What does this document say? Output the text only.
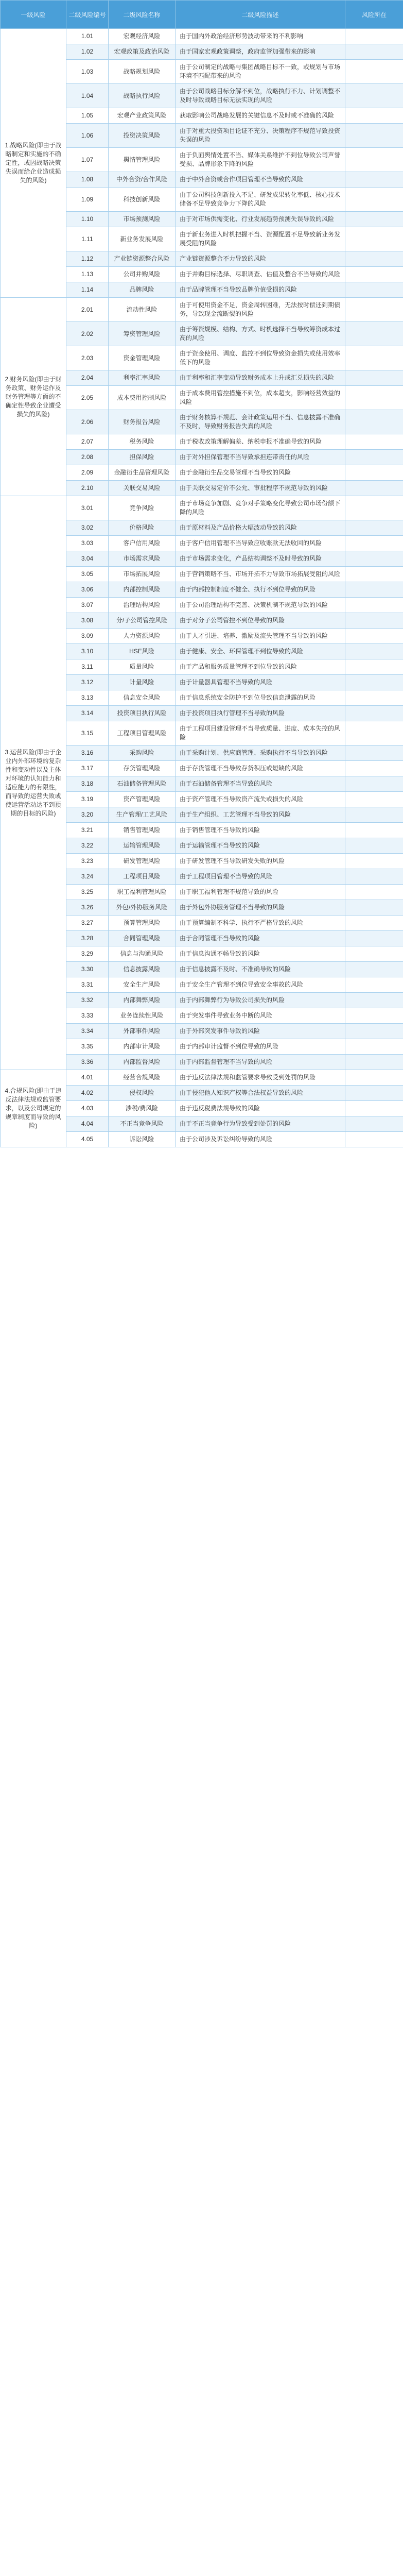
一级风险	二级风险编号	二级风险名称	二级风险描述	风险所在
1.战略风险(即由于战略制定和实施的不确定性，或因战略决策失误而给企业造成损失的风险)	1.01	宏观经济风险	由于国内外政治经济形势波动带来的不利影响	
	1.02	宏观政策及政治风险	由于国家宏观政策调整，政府监管加强带来的影响	
	1.03	战略规划风险	由于公司制定的战略与集团战略目标不一致，或规划与市场环境不匹配带来的风险	
	1.04	战略执行风险	由于公司战略目标分解不到位，战略执行不力、计划调整不及时导致战略目标无法实现的风险	
	1.05	宏观产业政策风险	获取影响公司战略发展的关键信息不及时或不准确的风险	
	1.06	投资决策风险	由于对重大投资项目论证不充分、决策程序不规范导致投资失误的风险	
	1.07	舆情管理风险	由于负面舆情处置不当、媒体关系维护不到位导致公司声誉受损、品牌形象下降的风险	
	1.08	中外合资/合作风险	由于中外合资或合作项目管理不当导致的风险	
	1.09	科技创新风险	由于公司科技创新投入不足、研发成果转化率低、核心技术储备不足导致竞争力下降的风险	
	1.10	市场预测风险	由于对市场供需变化、行业发展趋势预测失误导致的风险	
	1.11	新业务发展风险	由于新业务进入时机把握不当、资源配置不足导致新业务发展受阻的风险	
	1.12	产业链资源整合风险	产业链资源整合不力导致的风险	
	1.13	公司并购风险	由于并购目标选择、尽职调查、估值及整合不当导致的风险	
	1.14	品牌风险	由于品牌管理不当导致品牌价值受损的风险	
2.财务风险(即由于财务政策、财务运作及财务管理等方面的不确定性导致企业遭受损失的风险)	2.01	流动性风险	由于可使用资金不足，资金周转困难，无法按时偿还到期债务，导致现金流断裂的风险	
	2.02	筹资管理风险	由于筹资规模、结构、方式、时机选择不当导致筹资成本过高的风险	
	2.03	资金管理风险	由于资金使用、调度、监控不到位导致资金损失或使用效率低下的风险	
	2.04	利率汇率风险	由于利率和汇率变动导致财务成本上升或汇兑损失的风险	
	2.05	成本费用控制风险	由于成本费用管控措施不到位，成本超支，影响经营效益的风险	
	2.06	财务报告风险	由于财务核算不规范、会计政策运用不当、信息披露不准确不及时，导致财务报告失真的风险	
	2.07	税务风险	由于税收政策理解偏差、纳税申报不准确导致的风险	
	2.08	担保风险	由于对外担保管理不当导致承担连带责任的风险	
	2.09	金融衍生品管理风险	由于金融衍生品交易管理不当导致的风险	
	2.10	关联交易风险	由于关联交易定价不公允、审批程序不规范导致的风险	
3.运营风险(即由于企业内外部环境的复杂性和变动性以及主体对环境的认知能力和适应能力的有限性，而导致的运营失败或使运营活动达不到预期的目标的风险)	3.01	竞争风险	由于市场竞争加剧、竞争对手策略变化导致公司市场份额下降的风险	
	3.02	价格风险	由于原材料及产品价格大幅波动导致的风险	
	3.03	客户信用风险	由于客户信用管理不当导致应收账款无法收回的风险	
	3.04	市场需求风险	由于市场需求变化，产品结构调整不及时导致的风险	
	3.05	市场拓展风险	由于营销策略不当、市场开拓不力导致市场拓展受阻的风险	
	3.06	内部控制风险	由于内部控制制度不健全、执行不到位导致的风险	
	3.07	治理结构风险	由于公司治理结构不完善、决策机制不规范导致的风险	
	3.08	分/子公司管控风险	由于对分子公司管控不到位导致的风险	
	3.09	人力资源风险	由于人才引进、培养、激励及流失管理不当导致的风险	
	3.10	HSE风险	由于健康、安全、环保管理不到位导致的风险	
	3.11	质量风险	由于产品和服务质量管理不到位导致的风险	
	3.12	计量风险	由于计量器具管理不当导致的风险	
	3.13	信息安全风险	由于信息系统安全防护不到位导致信息泄露的风险	
	3.14	投资项目执行风险	由于投资项目执行管理不当导致的风险	
	3.15	工程项目管理风险	由于工程项目建设管理不当导致质量、进度、成本失控的风险	
	3.16	采购风险	由于采购计划、供应商管理、采购执行不当导致的风险	
	3.17	存货管理风险	由于存货管理不当导致存货积压或短缺的风险	
	3.18	石油储备管理风险	由于石油储备管理不当导致的风险	
	3.19	资产管理风险	由于资产管理不当导致资产流失或损失的风险	
	3.20	生产管理/工艺风险	由于生产组织、工艺管理不当导致的风险	
	3.21	销售管理风险	由于销售管理不当导致的风险	
	3.22	运输管理风险	由于运输管理不当导致的风险	
	3.23	研发管理风险	由于研发管理不当导致研发失败的风险	
	3.24	工程项目风险	由于工程项目管理不当导致的风险	
	3.25	职工福利管理风险	由于职工福利管理不规范导致的风险	
	3.26	外包/外协服务风险	由于外包外协服务管理不当导致的风险	
	3.27	预算管理风险	由于预算编制不科学、执行不严格导致的风险	
	3.28	合同管理风险	由于合同管理不当导致的风险	
	3.29	信息与沟通风险	由于信息沟通不畅导致的风险	
	3.30	信息披露风险	由于信息披露不及时、不准确导致的风险	
	3.31	安全生产风险	由于安全生产管理不到位导致安全事故的风险	
	3.32	内部舞弊风险	由于内部舞弊行为导致公司损失的风险	
	3.33	业务连续性风险	由于突发事件导致业务中断的风险	
	3.34	外部事件风险	由于外部突发事件导致的风险	
	3.35	内部审计风险	由于内部审计监督不到位导致的风险	
	3.36	内部监督风险	由于内部监督管理不当导致的风险	
4.合规风险(即由于违反法律法规或监管要求，以及公司规定的规章制度而导致的风险)	4.01	经营合规风险	由于违反法律法规和监管要求导致受到处罚的风险	
	4.02	侵权风险	由于侵犯他人知识产权等合法权益导致的风险	
	4.03	涉税/费风险	由于违反税费法规导致的风险	
	4.04	不正当竞争风险	由于不正当竞争行为导致受到处罚的风险	
	4.05	诉讼风险	由于公司涉及诉讼纠纷导致的风险	
